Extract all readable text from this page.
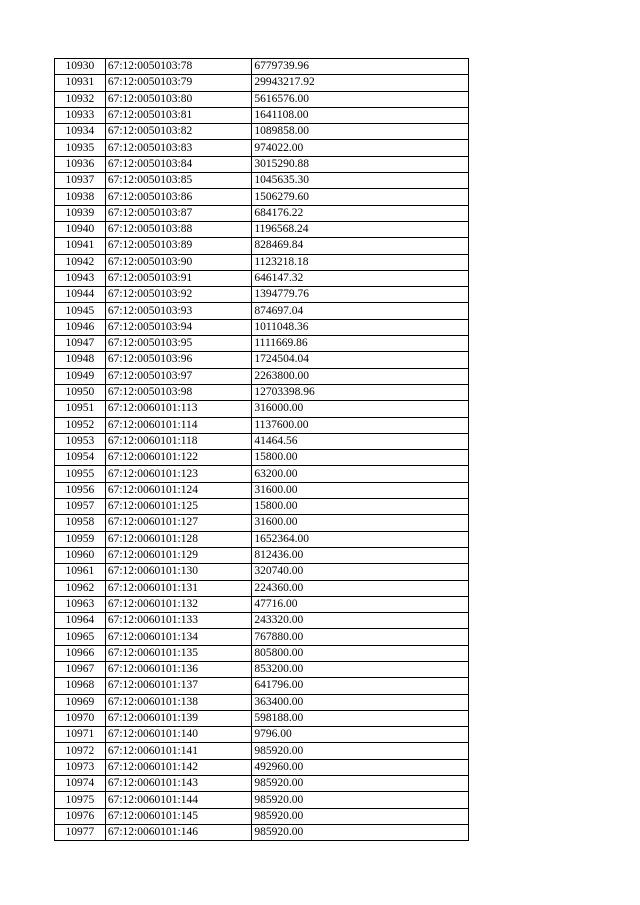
10930	67:12:0050103:78	6779739.96
10931	67:12:0050103:79	29943217.92
10932	67:12:0050103:80	5616576.00
10933	67:12:0050103:81	1641108.00
10934	67:12:0050103:82	1089858.00
10935	67:12:0050103:83	974022.00
10936	67:12:0050103:84	3015290.88
10937	67:12:0050103:85	1045635.30
10938	67:12:0050103:86	1506279.60
10939	67:12:0050103:87	684176.22
10940	67:12:0050103:88	1196568.24
10941	67:12:0050103:89	828469.84
10942	67:12:0050103:90	1123218.18
10943	67:12:0050103:91	646147.32
10944	67:12:0050103:92	1394779.76
10945	67:12:0050103:93	874697.04
10946	67:12:0050103:94	1011048.36
10947	67:12:0050103:95	1111669.86
10948	67:12:0050103:96	1724504.04
10949	67:12:0050103:97	2263800.00
10950	67:12:0050103:98	12703398.96
10951	67:12:0060101:113	316000.00
10952	67:12:0060101:114	1137600.00
10953	67:12:0060101:118	41464.56
10954	67:12:0060101:122	15800.00
10955	67:12:0060101:123	63200.00
10956	67:12:0060101:124	31600.00
10957	67:12:0060101:125	15800.00
10958	67:12:0060101:127	31600.00
10959	67:12:0060101:128	1652364.00
10960	67:12:0060101:129	812436.00
10961	67:12:0060101:130	320740.00
10962	67:12:0060101:131	224360.00
10963	67:12:0060101:132	47716.00
10964	67:12:0060101:133	243320.00
10965	67:12:0060101:134	767880.00
10966	67:12:0060101:135	805800.00
10967	67:12:0060101:136	853200.00
10968	67:12:0060101:137	641796.00
10969	67:12:0060101:138	363400.00
10970	67:12:0060101:139	598188.00
10971	67:12:0060101:140	9796.00
10972	67:12:0060101:141	985920.00
10973	67:12:0060101:142	492960.00
10974	67:12:0060101:143	985920.00
10975	67:12:0060101:144	985920.00
10976	67:12:0060101:145	985920.00
10977	67:12:0060101:146	985920.00
